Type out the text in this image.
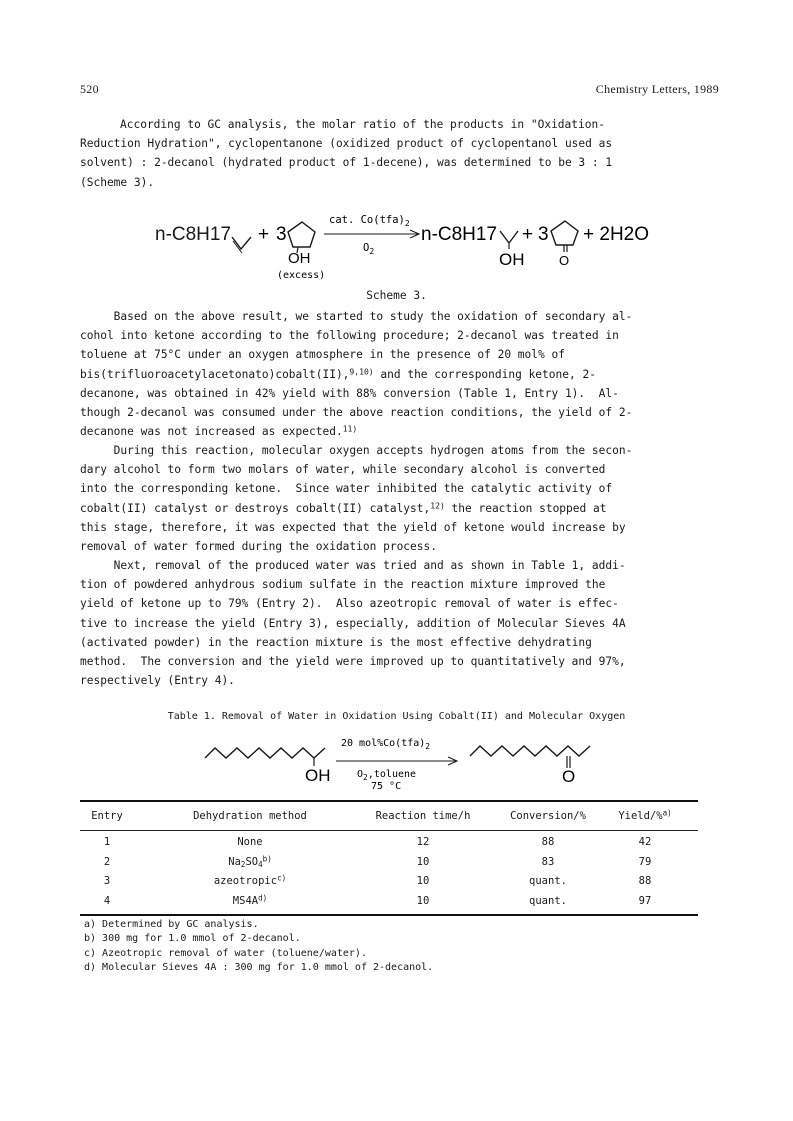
520	Chemistry Letters, 1989
According to GC analysis, the molar ratio of the products in "Oxidation-
Reduction Hydration", cyclopentanone (oxidized product of cyclopentanol used as
solvent) : 2-decanol (hydrated product of 1-decene), was determined to be 3 : 1
(Scheme 3).
n-C8H17 + 3
OH
(excess)
cat. $Co(tfa)_2$
$O_2$
n-C8H17
OH
+ 3
O
+ 2H2O
Scheme 3.
Based on the above result, we started to study the oxidation of secondary al-
cohol into ketone according to the following procedure; 2-decanol was treated in
toluene at 75°C under an oxygen atmosphere in the presence of 20 mol% of
bis(trifluoroacetylacetonato)cobalt(II),$^{9,10)}$ and the corresponding ketone, 2-
decanone, was obtained in 42% yield with 88% conversion (Table 1, Entry 1).  Al-
though 2-decanol was consumed under the above reaction conditions, the yield of 2-
decanone was not increased as expected.$^{11)}$
During this reaction, molecular oxygen accepts hydrogen atoms from the secon-
dary alcohol to form two molars of water, while secondary alcohol is converted
into the corresponding ketone.  Since water inhibited the catalytic activity of
cobalt(II) catalyst or destroys cobalt(II) catalyst,$^{12)}$ the reaction stopped at
this stage, therefore, it was expected that the yield of ketone would increase by
removal of water formed during the oxidation process.
Next, removal of the produced water was tried and as shown in Table 1, addi-
tion of powdered anhydrous sodium sulfate in the reaction mixture improved the
yield of ketone up to 79% (Entry 2).  Also azeotropic removal of water is effec-
tive to increase the yield (Entry 3), especially, addition of Molecular Sieves 4A
(activated powder) in the reaction mixture is the most effective dehydrating
method.  The conversion and the yield were improved up to quantitatively and 97%,
respectively (Entry 4).
Table 1. Removal of Water in Oxidation Using Cobalt(II) and Molecular Oxygen
OH
20 $mol\%Co(tfa)_2$
$O_2,toluene$
75 °C
O
Entry	Dehydration method	Reaction time/h	Conversion/%	Yield/%$^{a)}$
1	None	12	88	42
2	$Na_2SO_4^{b)}$	10	83	79
3	azeotropic$^{c)}$	10	quant.	88
4	$MS4A^{d)}$	10	quant.	97
a) Determined by GC analysis.
b) 300 mg for 1.0 mmol of 2-decanol.
c) Azeotropic removal of water (toluene/water).
d) Molecular Sieves 4A : 300 mg for 1.0 mmol of 2-decanol.
